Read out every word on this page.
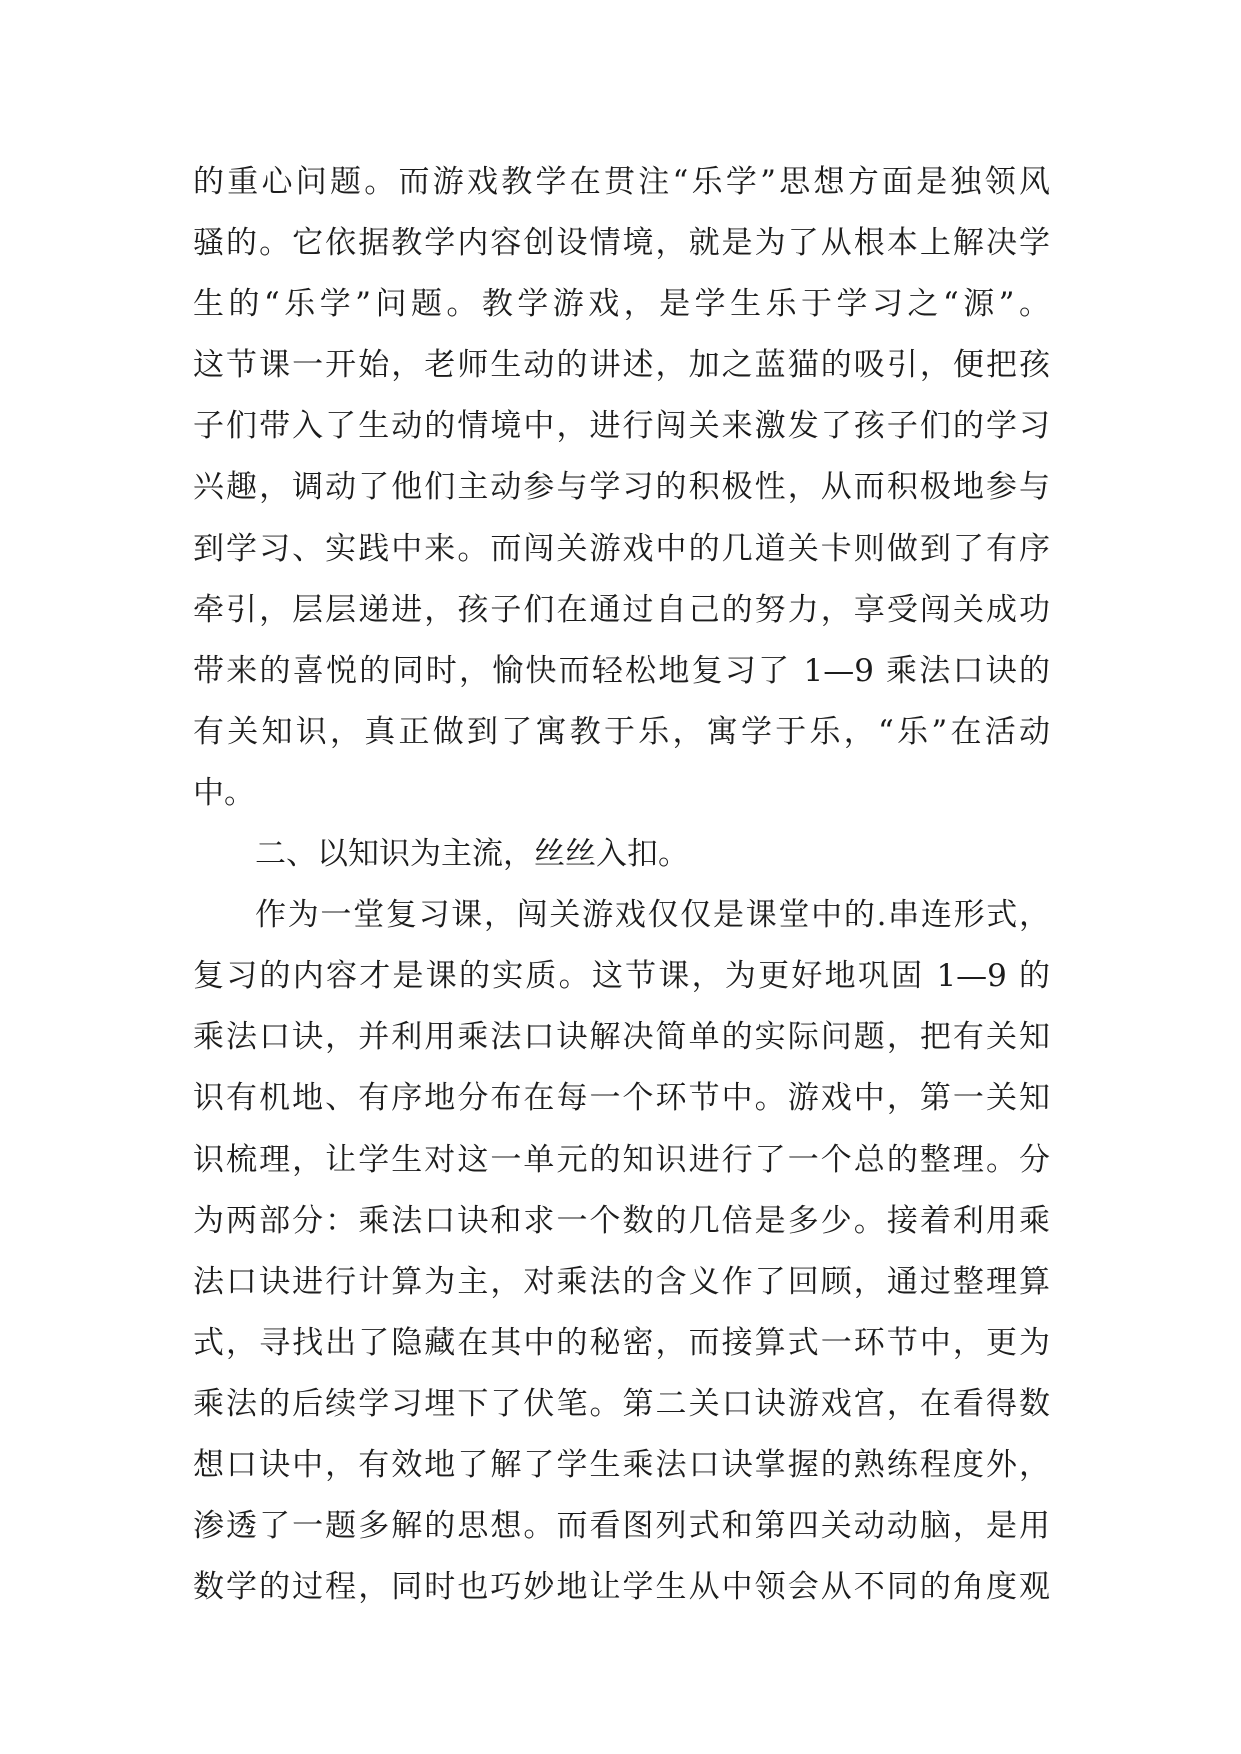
的重心问题。而游戏教学在贯注“乐学”思想方面是独领风
骚的。它依据教学内容创设情境，就是为了从根本上解决学
生的“乐学”问题。教学游戏，是学生乐于学习之“源”。
这节课一开始，老师生动的讲述，加之蓝猫的吸引，便把孩
子们带入了生动的情境中，进行闯关来激发了孩子们的学习
兴趣，调动了他们主动参与学习的积极性，从而积极地参与
到学习、实践中来。而闯关游戏中的几道关卡则做到了有序
牵引，层层递进，孩子们在通过自己的努力，享受闯关成功
带来的喜悦的同时，愉快而轻松地复习了 1—9 乘法口诀的
有关知识，真正做到了寓教于乐，寓学于乐，“乐”在活动
中。
二、以知识为主流，丝丝入扣。
作为一堂复习课，闯关游戏仅仅是课堂中的.串连形式，
复习的内容才是课的实质。这节课，为更好地巩固 1—9 的
乘法口诀，并利用乘法口诀解决简单的实际问题，把有关知
识有机地、有序地分布在每一个环节中。游戏中，第一关知
识梳理，让学生对这一单元的知识进行了一个总的整理。分
为两部分：乘法口诀和求一个数的几倍是多少。接着利用乘
法口诀进行计算为主，对乘法的含义作了回顾，通过整理算
式，寻找出了隐藏在其中的秘密，而接算式一环节中，更为
乘法的后续学习埋下了伏笔。第二关口诀游戏宫，在看得数
想口诀中，有效地了解了学生乘法口诀掌握的熟练程度外，
渗透了一题多解的思想。而看图列式和第四关动动脑，是用
数学的过程，同时也巧妙地让学生从中领会从不同的角度观
